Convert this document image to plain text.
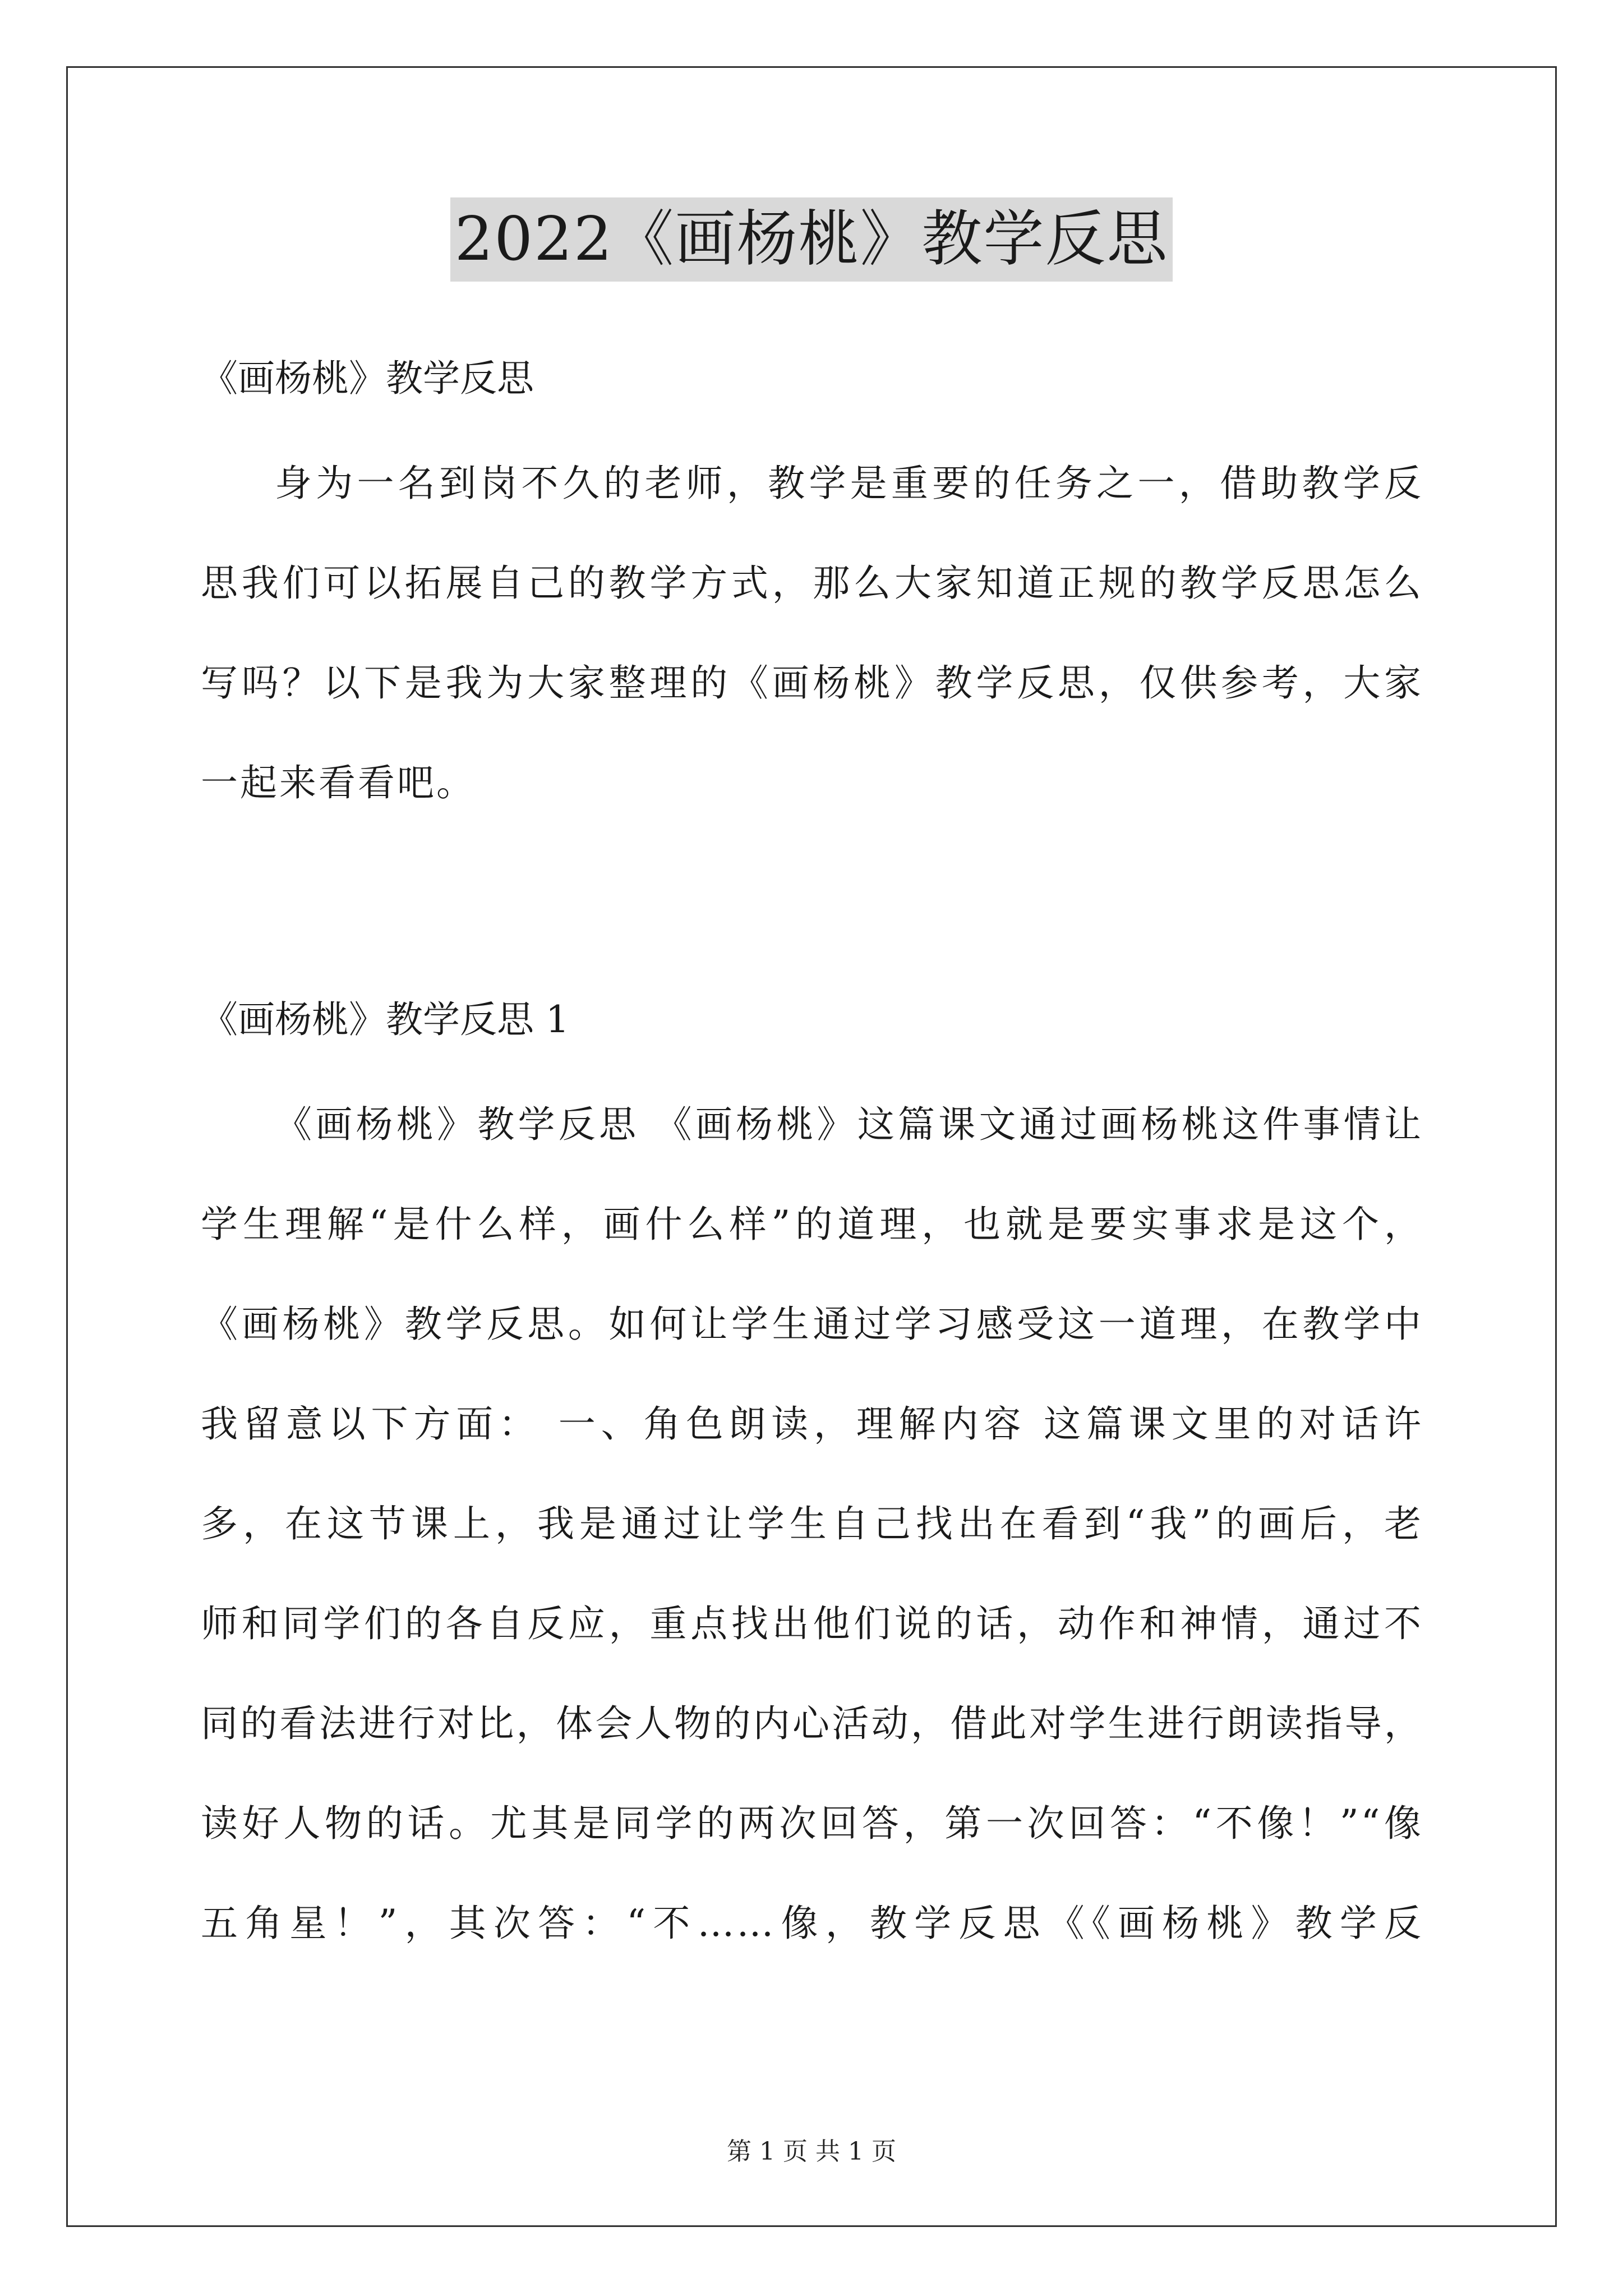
2022《画杨桃》教学反思
《画杨桃》教学反思
身为一名到岗不久的老师，教学是重要的任务之一，借助教学反
思我们可以拓展自己的教学方式，那么大家知道正规的教学反思怎么
写吗？以下是我为大家整理的《画杨桃》教学反思，仅供参考，大家
一起来看看吧。
《画杨桃》教学反思 1
《画杨桃》教学反思 《画杨桃》这篇课文通过画杨桃这件事情让
学生理解“是什么样，画什么样”的道理，也就是要实事求是这个，
《画杨桃》教学反思。如何让学生通过学习感受这一道理，在教学中
我留意以下方面： 一、角色朗读，理解内容 这篇课文里的对话许
多，在这节课上，我是通过让学生自己找出在看到“我”的画后，老
师和同学们的各自反应，重点找出他们说的话，动作和神情，通过不
同的看法进行对比，体会人物的内心活动，借此对学生进行朗读指导，
读好人物的话。尤其是同学的两次回答，第一次回答：“不像！”“像
五角星！”，其次答：“不……像，教学反思《《画杨桃》教学反
第 1 页 共 1 页
